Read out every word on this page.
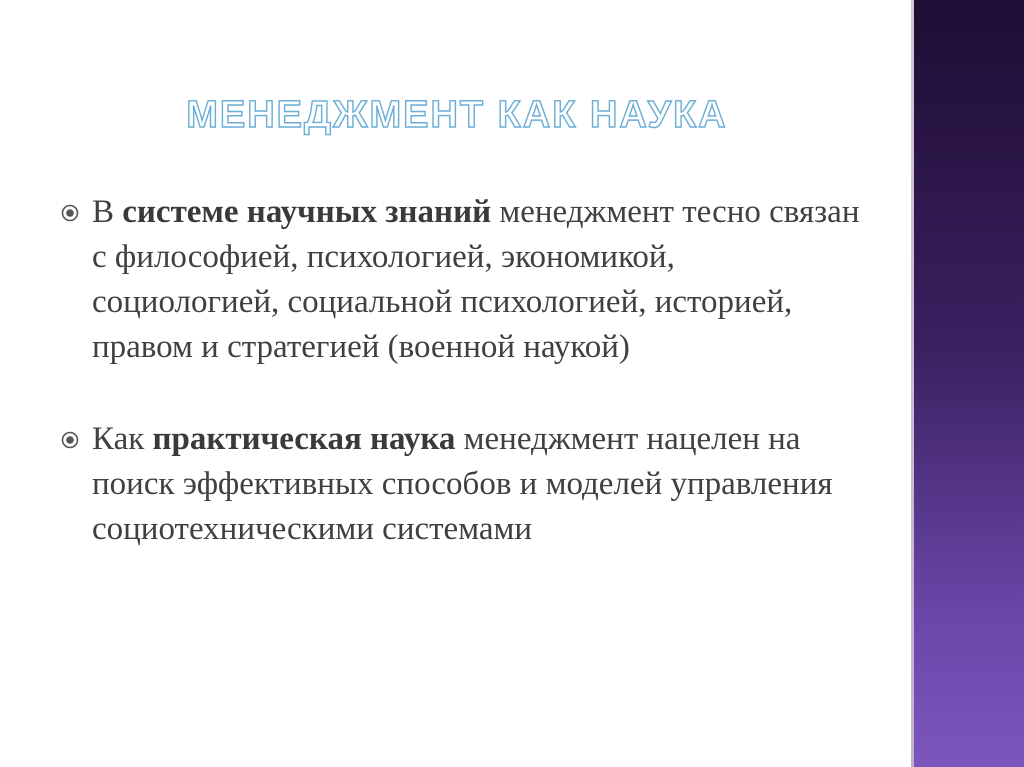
МЕНЕДЖМЕНТ КАК НАУКА
В системе научных знаний менеджмент тесно связан с философией, психологией, экономикой, социологией, социальной психологией, историей, правом и стратегией (военной наукой)
Как практическая наука менеджмент нацелен на поиск эффективных способов и моделей управления социотехническими системами
